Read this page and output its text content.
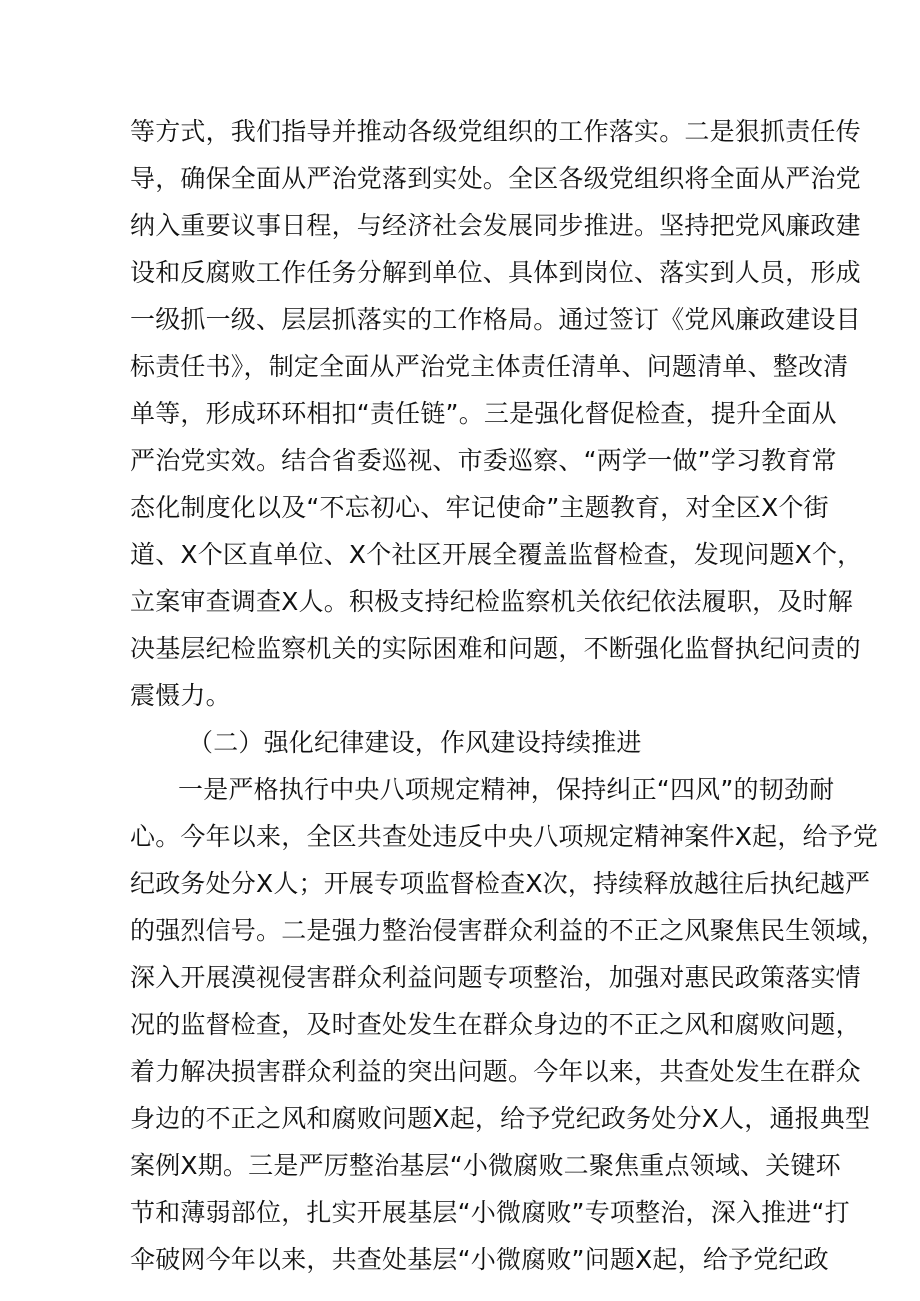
等方式，我们指导并推动各级党组织的工作落实。二是狠抓责任传
导，确保全面从严治党落到实处。全区各级党组织将全面从严治党
纳入重要议事日程，与经济社会发展同步推进。坚持把党风廉政建
设和反腐败工作任务分解到单位、具体到岗位、落实到人员，形成
一级抓一级、层层抓落实的工作格局。通过签订《党风廉政建设目
标责任书》，制定全面从严治党主体责任清单、问题清单、整改清
单等，形成环环相扣“责任链”。三是强化督促检查，提升全面从
严治党实效。结合省委巡视、市委巡察、“两学一做”学习教育常
态化制度化以及“不忘初心、牢记使命”主题教育，对全区X个街
道、X个区直单位、X个社区开展全覆盖监督检查，发现问题X个，
立案审查调查X人。积极支持纪检监察机关依纪依法履职，及时解
决基层纪检监察机关的实际困难和问题，不断强化监督执纪问责的
震慑力。
（二）强化纪律建设，作风建设持续推进
一是严格执行中央八项规定精神，保持纠正“四风”的韧劲耐
心。今年以来，全区共查处违反中央八项规定精神案件X起，给予党
纪政务处分X人；开展专项监督检查X次，持续释放越往后执纪越严
的强烈信号。二是强力整治侵害群众利益的不正之风聚焦民生领域，
深入开展漠视侵害群众利益问题专项整治，加强对惠民政策落实情
况的监督检查，及时查处发生在群众身边的不正之风和腐败问题，
着力解决损害群众利益的突出问题。今年以来，共查处发生在群众
身边的不正之风和腐败问题X起，给予党纪政务处分X人，通报典型
案例X期。三是严厉整治基层“小微腐败二聚焦重点领域、关键环
节和薄弱部位，扎实开展基层“小微腐败”专项整治，深入推进“打
伞破网今年以来，共查处基层“小微腐败”问题X起，给予党纪政
